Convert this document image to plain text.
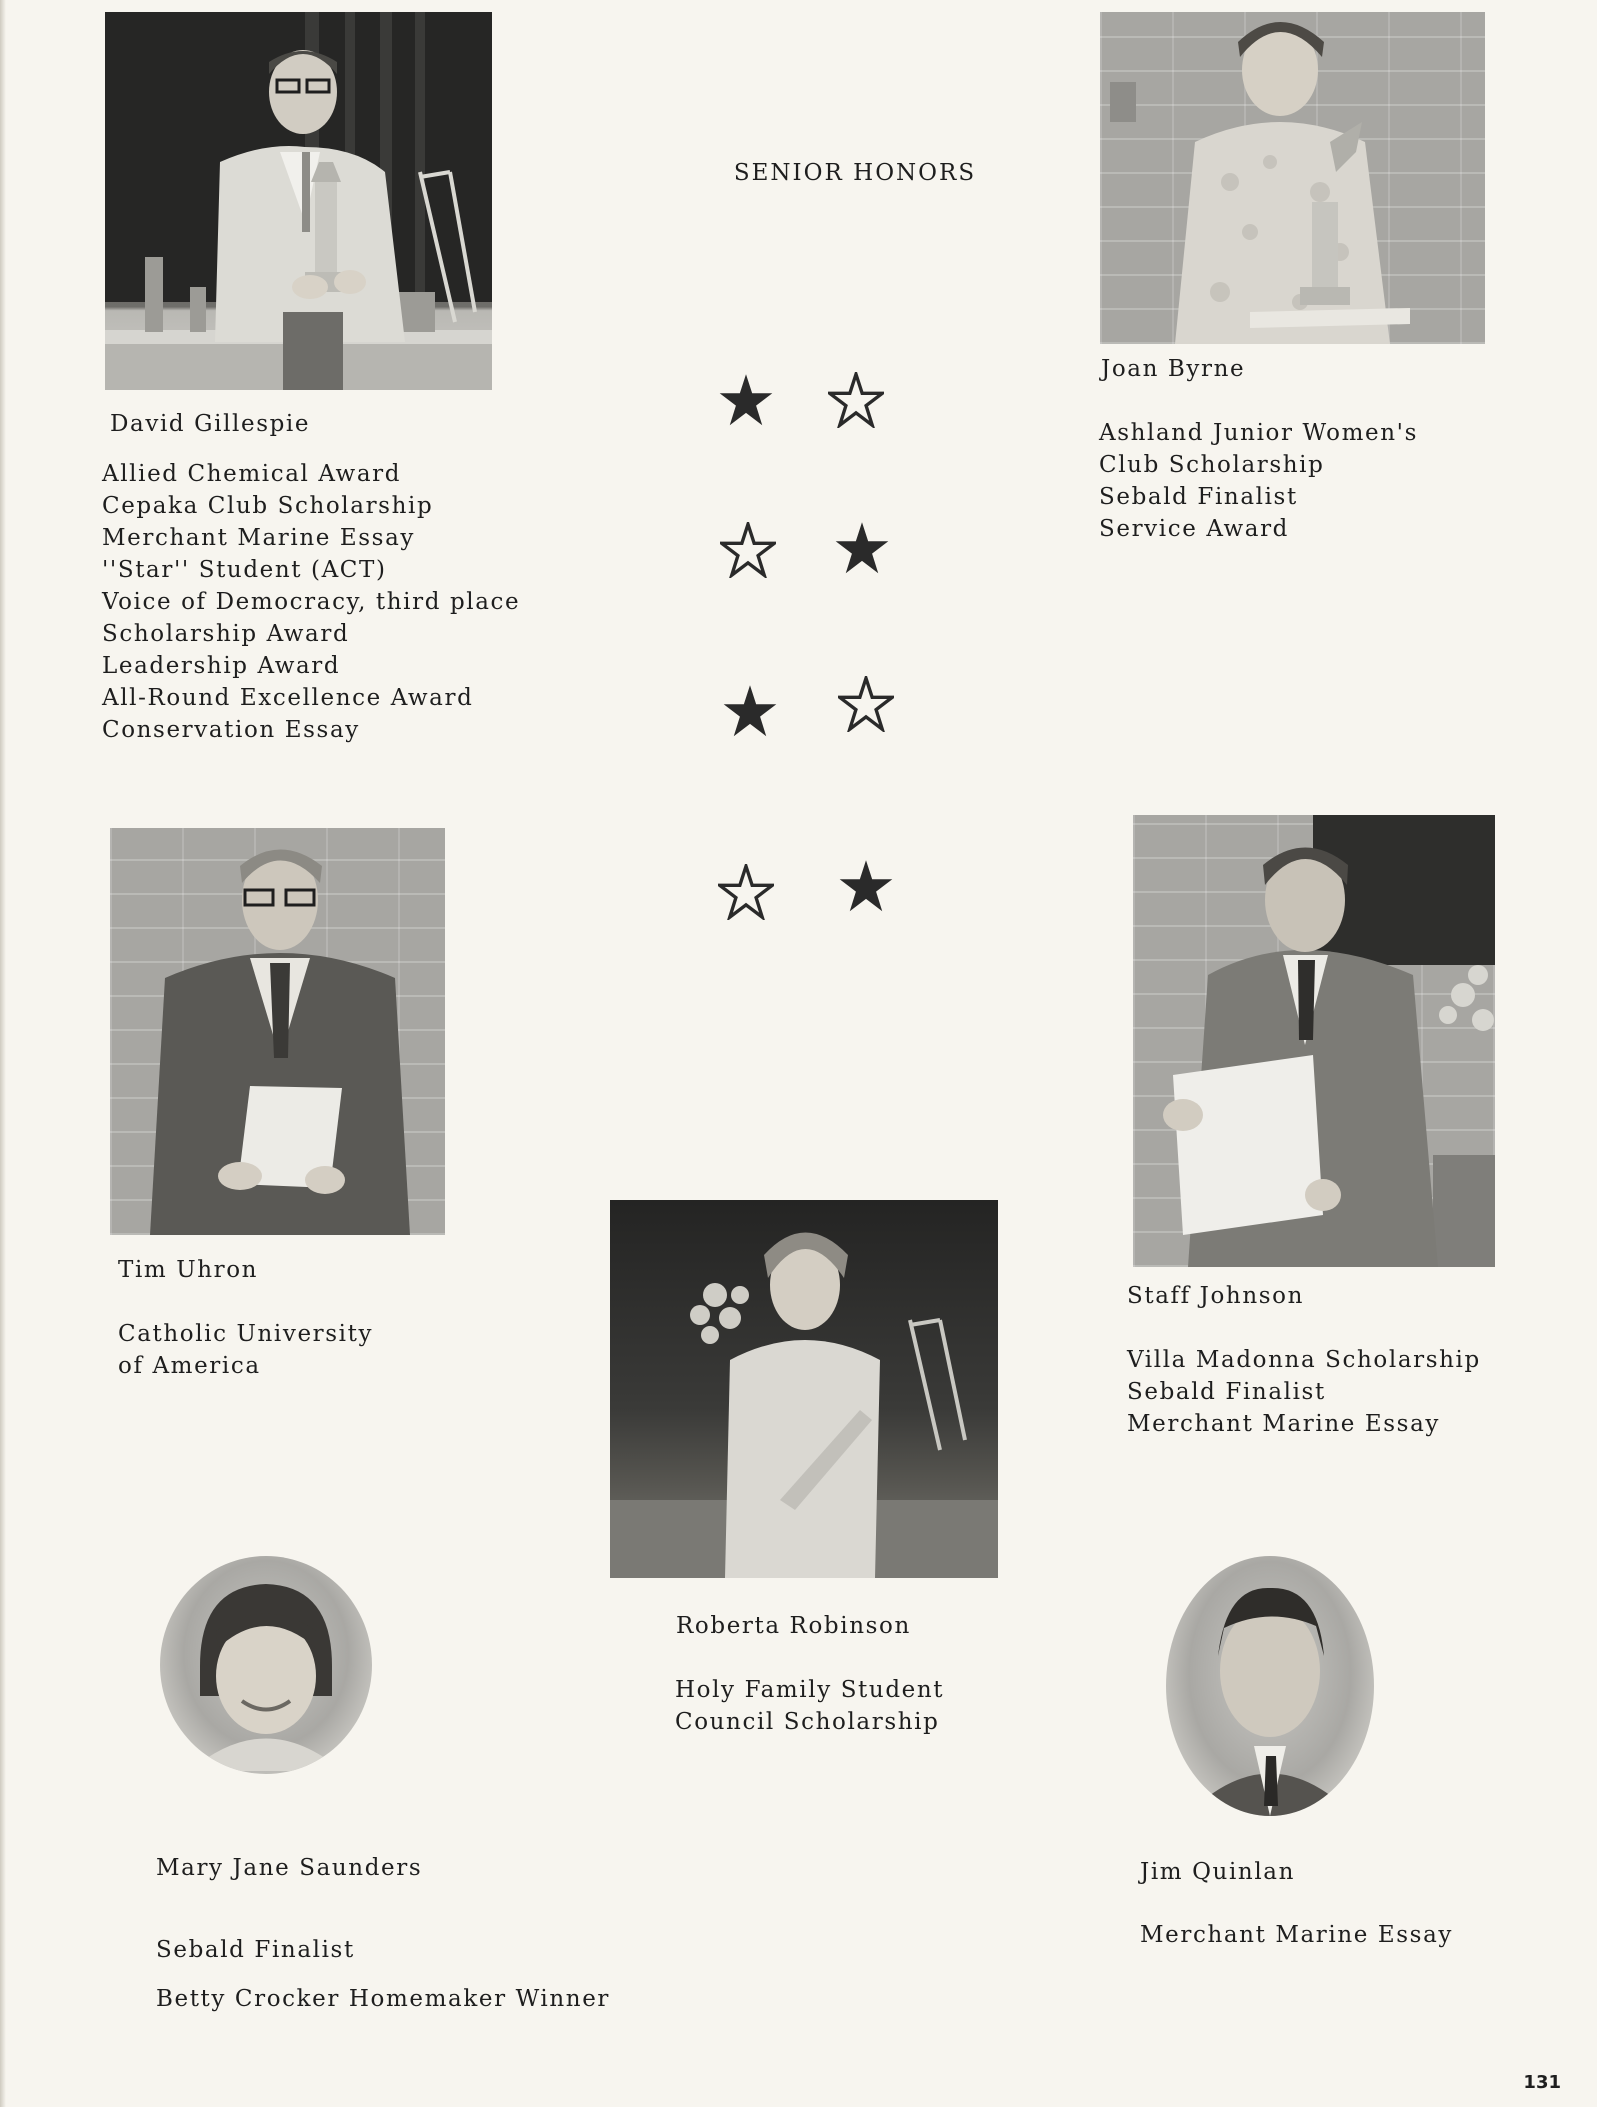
SENIOR HONORS
David Gillespie
Allied Chemical Award
Cepaka Club Scholarship
Merchant Marine Essay
''Star'' Student (ACT)
Voice of Democracy, third place
Scholarship Award
Leadership Award
All-Round Excellence Award
Conservation Essay
Joan Byrne
Ashland Junior Women's
Club Scholarship
Sebald Finalist
Service Award
Tim Uhron
Catholic University
of America
Staff Johnson
Villa Madonna Scholarship
Sebald Finalist
Merchant Marine Essay
Roberta Robinson
Holy Family Student
Council Scholarship
Mary Jane Saunders
Sebald Finalist
Betty Crocker Homemaker Winner
Jim Quinlan
Merchant Marine Essay
131
